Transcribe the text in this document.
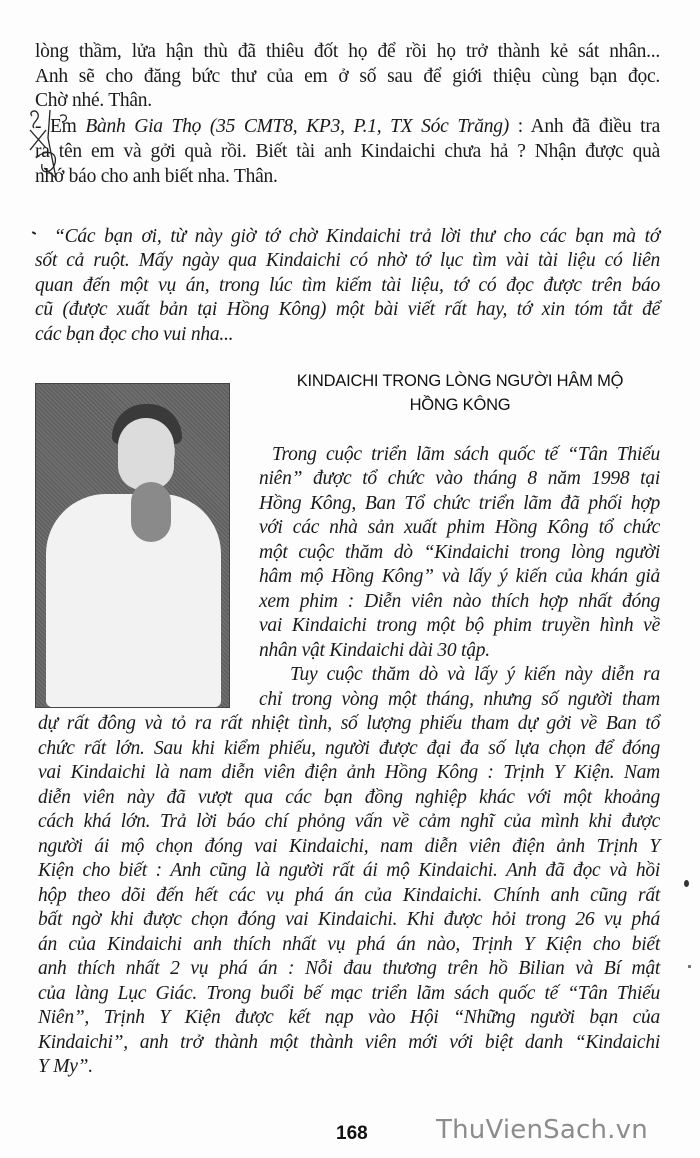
lòng thầm, lửa hận thù đã thiêu đốt họ để rồi họ trở thành kẻ sát nhân...
Anh sẽ cho đăng bức thư của em ở số sau để giới thiệu cùng bạn đọc.
Chờ nhé. Thân.
- Em Bành Gia Thọ (35 CMT8, KP3, P.1, TX Sóc Trăng) : Anh đã điều tra
ra tên em và gởi quà rồi. Biết tài anh Kindaichi chưa hả ? Nhận được quà
nhớ báo cho anh biết nha. Thân.
“Các bạn ơi, từ này giờ tớ chờ Kindaichi trả lời thư cho các bạn mà tớ
sốt cả ruột. Mấy ngày qua Kindaichi có nhờ tớ lục tìm vài tài liệu có liên
quan đến một vụ án, trong lúc tìm kiếm tài liệu, tớ có đọc được trên báo
cũ (được xuất bản tại Hồng Kông) một bài viết rất hay, tớ xin tóm tắt để
các bạn đọc cho vui nha...
KINDAICHI TRONG LÒNG NGƯỜI HÂM MỘ
HỒNG KÔNG
Trong cuộc triển lãm sách quốc tế “Tân Thiếu
niên” được tổ chức vào tháng 8 năm 1998 tại
Hồng Kông, Ban Tổ chức triển lãm đã phối hợp
với các nhà sản xuất phim Hồng Kông tổ chức
một cuộc thăm dò “Kindaichi trong lòng người
hâm mộ Hồng Kông” và lấy ý kiến của khán giả
xem phim : Diễn viên nào thích hợp nhất đóng
vai Kindaichi trong một bộ phim truyền hình về
nhân vật Kindaichi dài 30 tập.
Tuy cuộc thăm dò và lấy ý kiến này diễn ra
chỉ trong vòng một tháng, nhưng số người tham
dự rất đông và tỏ ra rất nhiệt tình, số lượng phiếu tham dự gởi về Ban tổ
chức rất lớn. Sau khi kiểm phiếu, người được đại đa số lựa chọn để đóng
vai Kindaichi là nam diễn viên điện ảnh Hồng Kông : Trịnh Y Kiện. Nam
diễn viên này đã vượt qua các bạn đồng nghiệp khác với một khoảng
cách khá lớn. Trả lời báo chí phỏng vấn về cảm nghĩ của mình khi được
người ái mộ chọn đóng vai Kindaichi, nam diễn viên điện ảnh Trịnh Y
Kiện cho biết : Anh cũng là người rất ái mộ Kindaichi. Anh đã đọc và hồi
hộp theo dõi đến hết các vụ phá án của Kindaichi. Chính anh cũng rất
bất ngờ khi được chọn đóng vai Kindaichi. Khi được hỏi trong 26 vụ phá
án của Kindaichi anh thích nhất vụ phá án nào, Trịnh Y Kiện cho biết
anh thích nhất 2 vụ phá án : Nỗi đau thương trên hồ Bilian và Bí mật
của làng Lục Giác. Trong buổi bế mạc triển lãm sách quốc tế “Tân Thiếu
Niên”, Trịnh Y Kiện được kết nạp vào Hội “Những người bạn của
Kindaichi”, anh trở thành một thành viên mới với biệt danh “Kindaichi
Y My”.
168	ThuVienSach.vn
